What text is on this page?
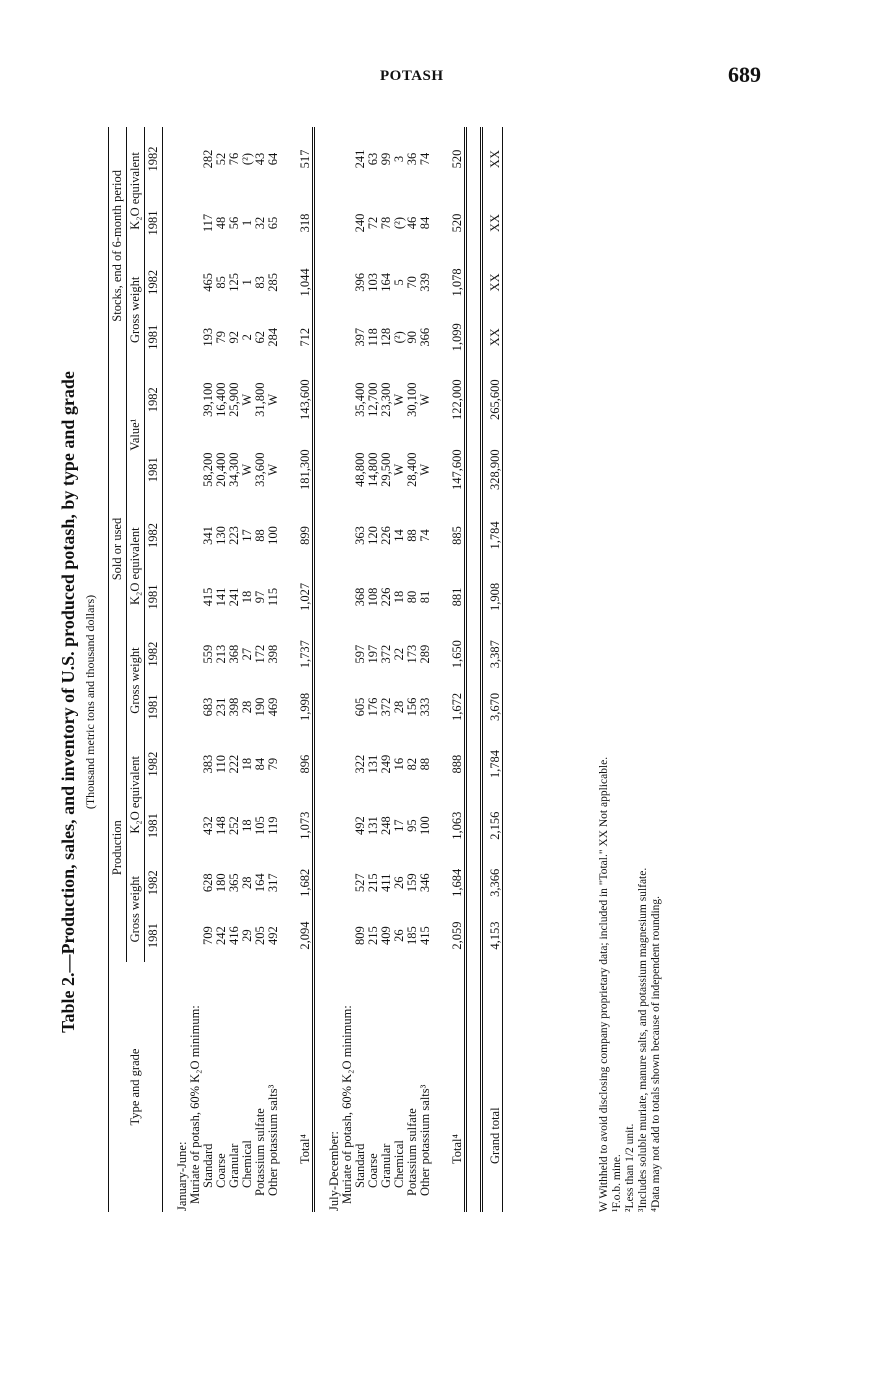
POTASH	689
Table 2.—Production, sales, and inventory of U.S. produced potash, by type and grade (Thousand metric tons and thousand dollars)
Type and grade	Production				Sold or used						Stocks, end of 6-month period			
	Gross weight		K₂O equivalent		Gross weight		K₂O equivalent		Value¹		Gross weight		K₂O equivalent	
	1981	1982	1981	1982	1981	1982	1981	1982	1981	1982	1981	1982	1981	1982

January-June:														
Muriate of potash, 60% K₂O minimum:														
Standard	709	628	432	383	683	559	415	341	58,200	39,100	193	465	117	282
Coarse	242	180	148	110	231	213	141	130	20,400	16,400	79	85	48	52
Granular	416	365	252	222	398	368	241	223	34,300	25,900	92	125	56	76
Chemical	29	28	18	18	28	27	18	17	W	W	2	1	1	(²)
Potassium sulfate	205	164	105	84	190	172	97	88	33,600	31,800	62	83	32	43
Other potassium salts³	492	317	119	79	469	398	115	100	W	W	284	285	65	64

Total⁴	2,094	1,682	1,073	896	1,998	1,737	1,027	899	181,300	143,600	712	1,044	318	517

July-December:														
Muriate of potash, 60% K₂O minimum:														
Standard	809	527	492	322	605	597	368	363	48,800	35,400	397	396	240	241
Coarse	215	215	131	131	176	197	108	120	14,800	12,700	118	103	72	63
Granular	409	411	248	249	372	372	226	226	29,500	23,300	128	164	78	99
Chemical	26	26	17	16	28	22	18	14	W	W	(²)	5	(²)	3
Potassium sulfate	185	159	95	82	156	173	80	88	28,400	30,100	90	70	46	36
Other potassium salts³	415	346	100	88	333	289	81	74	W	W	366	339	84	74

Total⁴	2,059	1,684	1,063	888	1,672	1,650	881	885	147,600	122,000	1,099	1,078	520	520

Grand total	4,153	3,366	2,156	1,784	3,670	3,387	1,908	1,784	328,900	265,600	XX	XX	XX	XX

W Withheld to avoid disclosing company proprietary data; included in "Total." XX Not applicable. ¹F.o.b. mine. ²Less than 1/2 unit. ³Includes soluble muriate, manure salts, and potassium magnesium sulfate. ⁴Data may not add to totals shown because of independent rounding.
